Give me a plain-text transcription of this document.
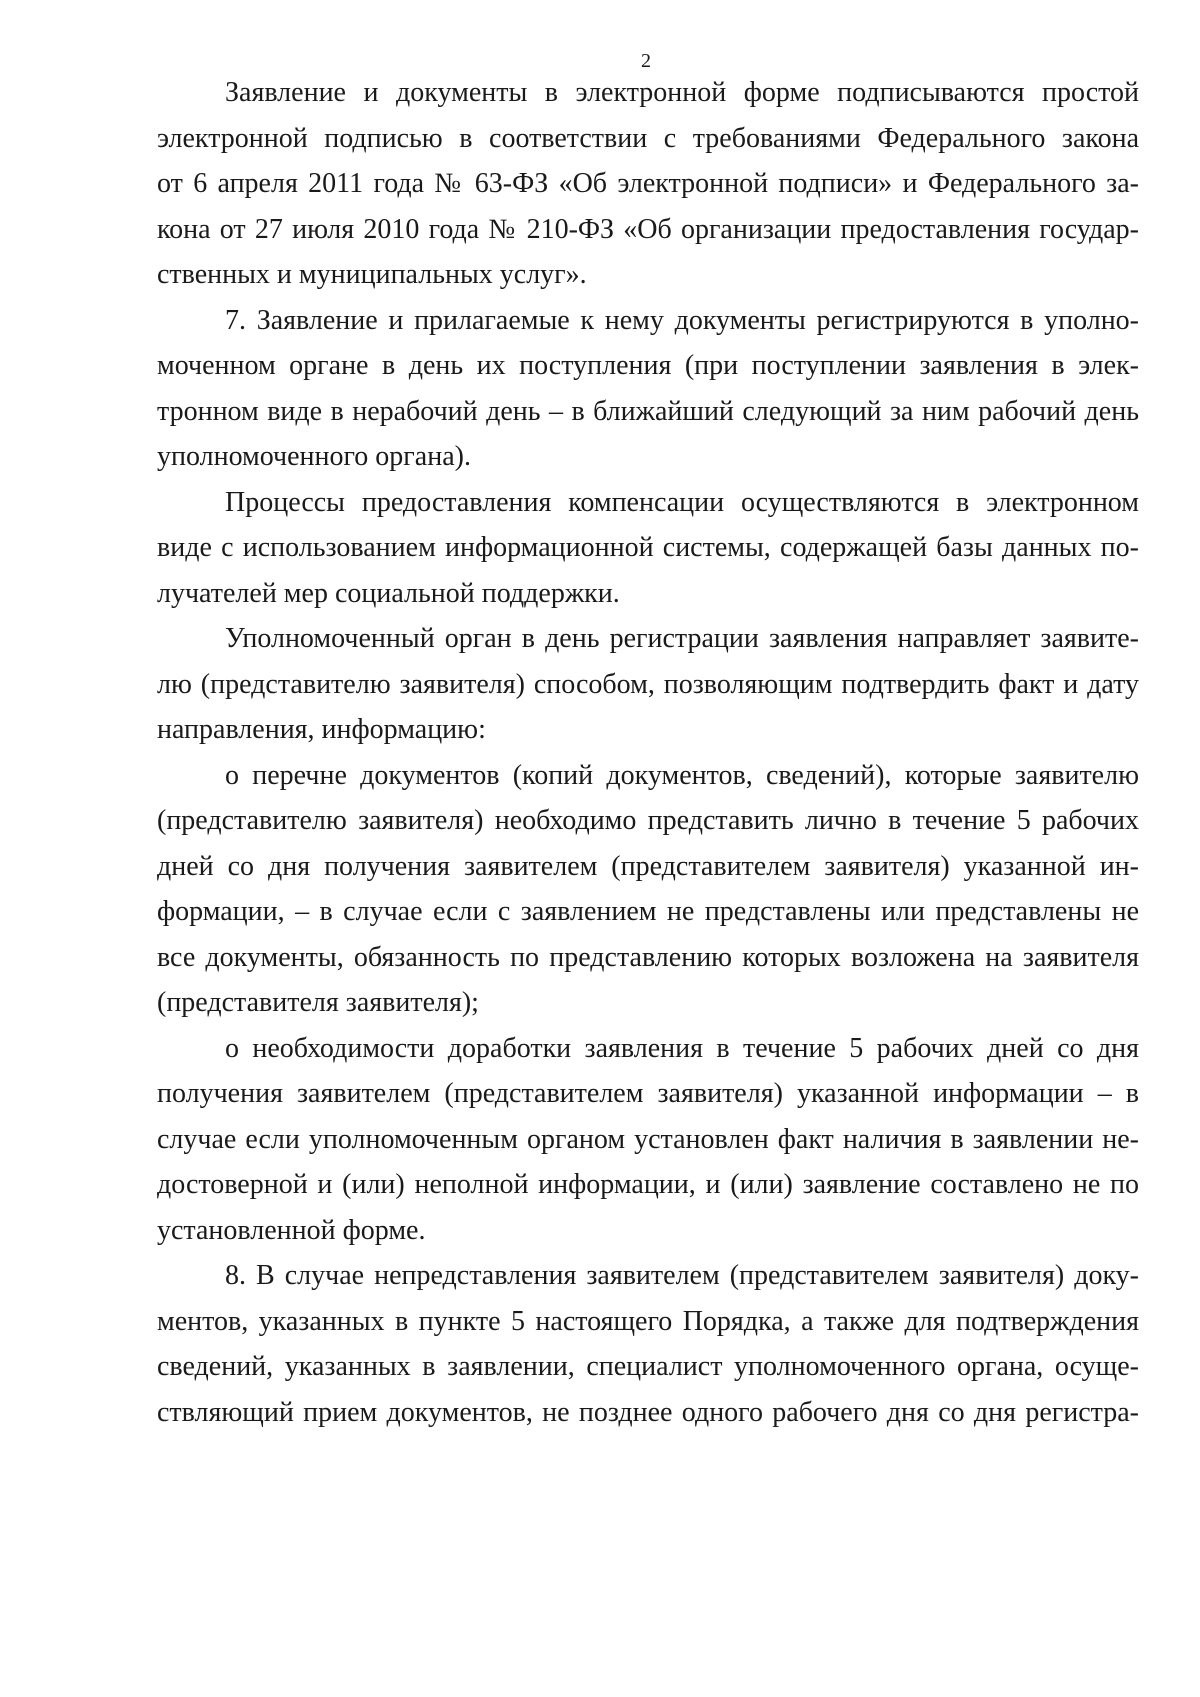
2

Заявление и документы в электронной форме подписываются простой

электронной подписью в соответствии с требованиями Федерального закона

от 6 апреля 2011 года № 63-ФЗ «Об электронной подписи» и Федерального за-

кона от 27 июля 2010 года № 210-ФЗ «Об организации предоставления государ-

ственных и муниципальных услуг».

7. Заявление и прилагаемые к нему документы регистрируются в уполно-

моченном органе в день их поступления (при поступлении заявления в элек-

тронном виде в нерабочий день – в ближайший следующий за ним рабочий день

уполномоченного органа).

Процессы предоставления компенсации осуществляются в электронном

виде с использованием информационной системы, содержащей базы данных по-

лучателей мер социальной поддержки.

Уполномоченный орган в день регистрации заявления направляет заявите-

лю (представителю заявителя) способом, позволяющим подтвердить факт и дату

направления, информацию:

о перечне документов (копий документов, сведений), которые заявителю

(представителю заявителя) необходимо представить лично в течение 5 рабочих

дней со дня получения заявителем (представителем заявителя) указанной ин-

формации, – в случае если с заявлением не представлены или представлены не

все документы, обязанность по представлению которых возложена на заявителя

(представителя заявителя);

о необходимости доработки заявления в течение 5 рабочих дней со дня

получения заявителем (представителем заявителя) указанной информации – в

случае если уполномоченным органом установлен факт наличия в заявлении не-

достоверной и (или) неполной информации, и (или) заявление составлено не по

установленной форме.

8. В случае непредставления заявителем (представителем заявителя) доку-

ментов, указанных в пункте 5 настоящего Порядка, а также для подтверждения

сведений, указанных в заявлении, специалист уполномоченного органа, осуще-

ствляющий прием документов, не позднее одного рабочего дня со дня регистра-
